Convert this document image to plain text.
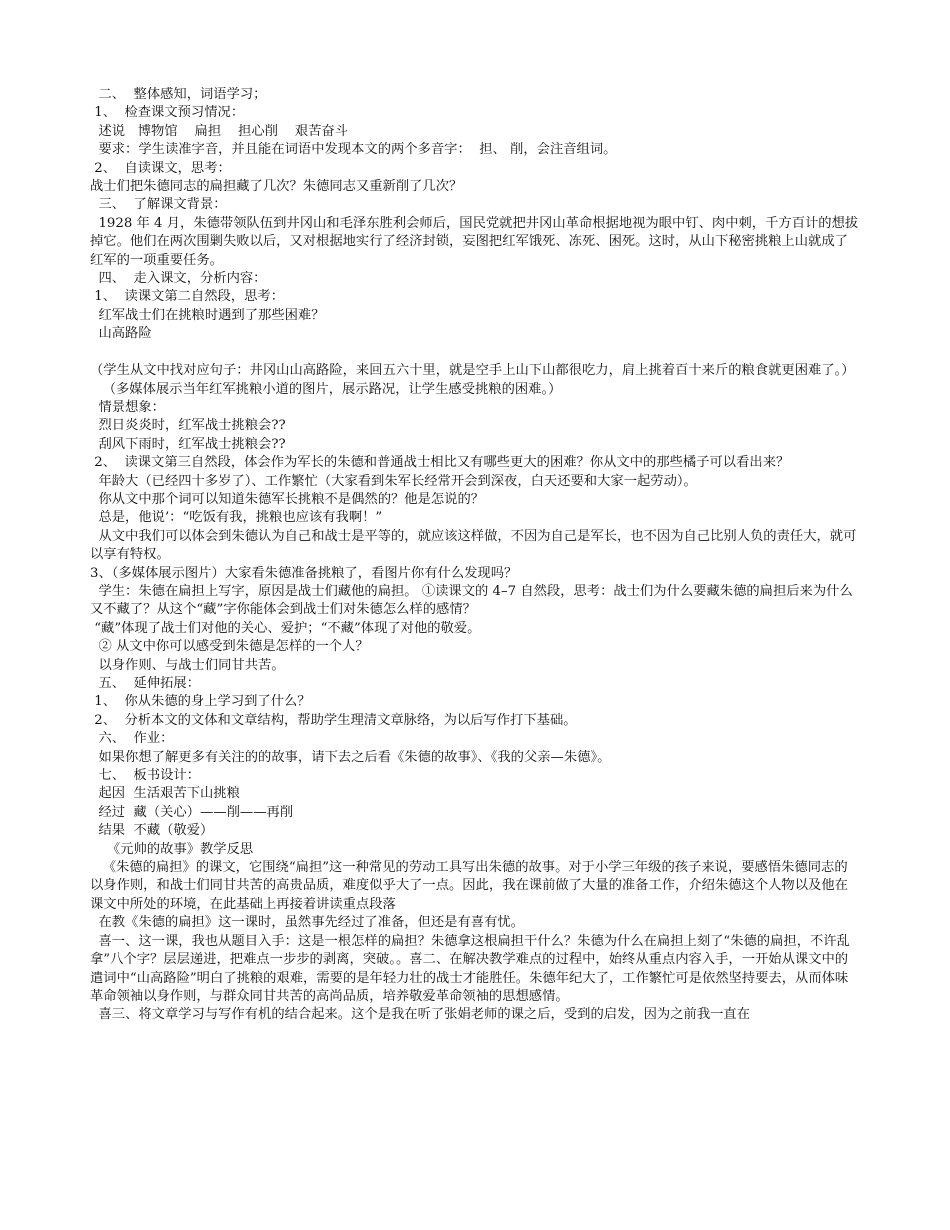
二、  整体感知，词语学习；

1、  检查课文预习情况：

述说   博物馆    扁担    担心削    艰苦奋斗

要求：学生读准字音，并且能在词语中发现本文的两个多音字：  担、 削，会注音组词。

2、  自读课文，思考：

战士们把朱德同志的扁担藏了几次？朱德同志又重新削了几次？

三、  了解课文背景：

1928 年 4 月，朱德带领队伍到井冈山和毛泽东胜利会师后，国民党就把井冈山革命根据地视为眼中钉、肉中刺，千方百计的想拔掉它。他们在两次围剿失败以后，又对根据地实行了经济封锁，妄图把红军饿死、冻死、困死。这时，从山下秘密挑粮上山就成了红军的一项重要任务。

四、  走入课文，分析内容：

1、  读课文第二自然段，思考：

红军战士们在挑粮时遇到了那些困难？

山高路险

（学生从文中找对应句子：井冈山山高路险，来回五六十里，就是空手上山下山都很吃力，肩上挑着百十来斤的粮食就更困难了。）

（多媒体展示当年红军挑粮小道的图片，展示路况，让学生感受挑粮的困难。）

情景想象：

烈日炎炎时，红军战士挑粮会??

刮风下雨时，红军战士挑粮会??

2、  读课文第三自然段，体会作为军长的朱德和普通战士相比又有哪些更大的困难？你从文中的那些橘子可以看出来？

年龄大（已经四十多岁了）、工作繁忙（大家看到朱军长经常开会到深夜，白天还要和大家一起劳动）。

你从文中那个词可以知道朱德军长挑粮不是偶然的？他是怎说的？

总是，他说’：“吃饭有我，挑粮也应该有我啊！”

从文中我们可以体会到朱德认为自己和战士是平等的，就应该这样做，不因为自己是军长，也不因为自己比别人负的责任大，就可以享有特权。

3、（多媒体展示图片）大家看朱德准备挑粮了，看图片你有什么发现吗？

学生：朱德在扁担上写字，原因是战士们藏他的扁担。 ①读课文的 4–7 自然段，思考：战士们为什么要藏朱德的扁担后来为什么又不藏了？从这个“藏”字你能体会到战士们对朱德怎么样的感情？

“藏”体现了战士们对他的关心、爱护；“不藏”体现了对他的敬爱。

② 从文中你可以感受到朱德是怎样的一个人？

以身作则、与战士们同甘共苦。

五、  延伸拓展：

1、  你从朱德的身上学习到了什么？

2、  分析本文的文体和文章结构，帮助学生理清文章脉络，为以后写作打下基础。

六、  作业：

如果你想了解更多有关注的的故事，请下去之后看《朱德的故事》、《我的父亲—朱德》。

七、  板书设计：

起因  生活艰苦下山挑粮

经过  藏（关心）——削——再削

结果  不藏（敬爱）

《元帅的故事》教学反思

《朱德的扁担》的课文，它围绕“扁担”这一种常见的劳动工具写出朱德的故事。对于小学三年级的孩子来说，要感悟朱德同志的以身作则，和战士们同甘共苦的高贵品质，难度似乎大了一点。因此，我在课前做了大量的准备工作，介绍朱德这个人物以及他在课文中所处的环境，在此基础上再接着讲读重点段落

在教《朱德的扁担》这一课时，虽然事先经过了准备，但还是有喜有忧。

喜一、这一课，我也从题目入手：这是一根怎样的扁担？朱德拿这根扁担干什么？朱德为什么在扁担上刻了“朱德的扁担，不许乱拿”八个字？层层递进，把难点一步步的剥离，突破。。喜二、在解决教学难点的过程中，始终从重点内容入手，一开始从课文中的遣词中“山高路险”明白了挑粮的艰难，需要的是年轻力壮的战士才能胜任。朱德年纪大了，工作繁忙可是依然坚持要去，从而体味革命领袖以身作则，与群众同甘共苦的高尚品质，培养敬爱革命领袖的思想感情。

喜三、将文章学习与写作有机的结合起来。这个是我在听了张娟老师的课之后，受到的启发，因为之前我一直在
